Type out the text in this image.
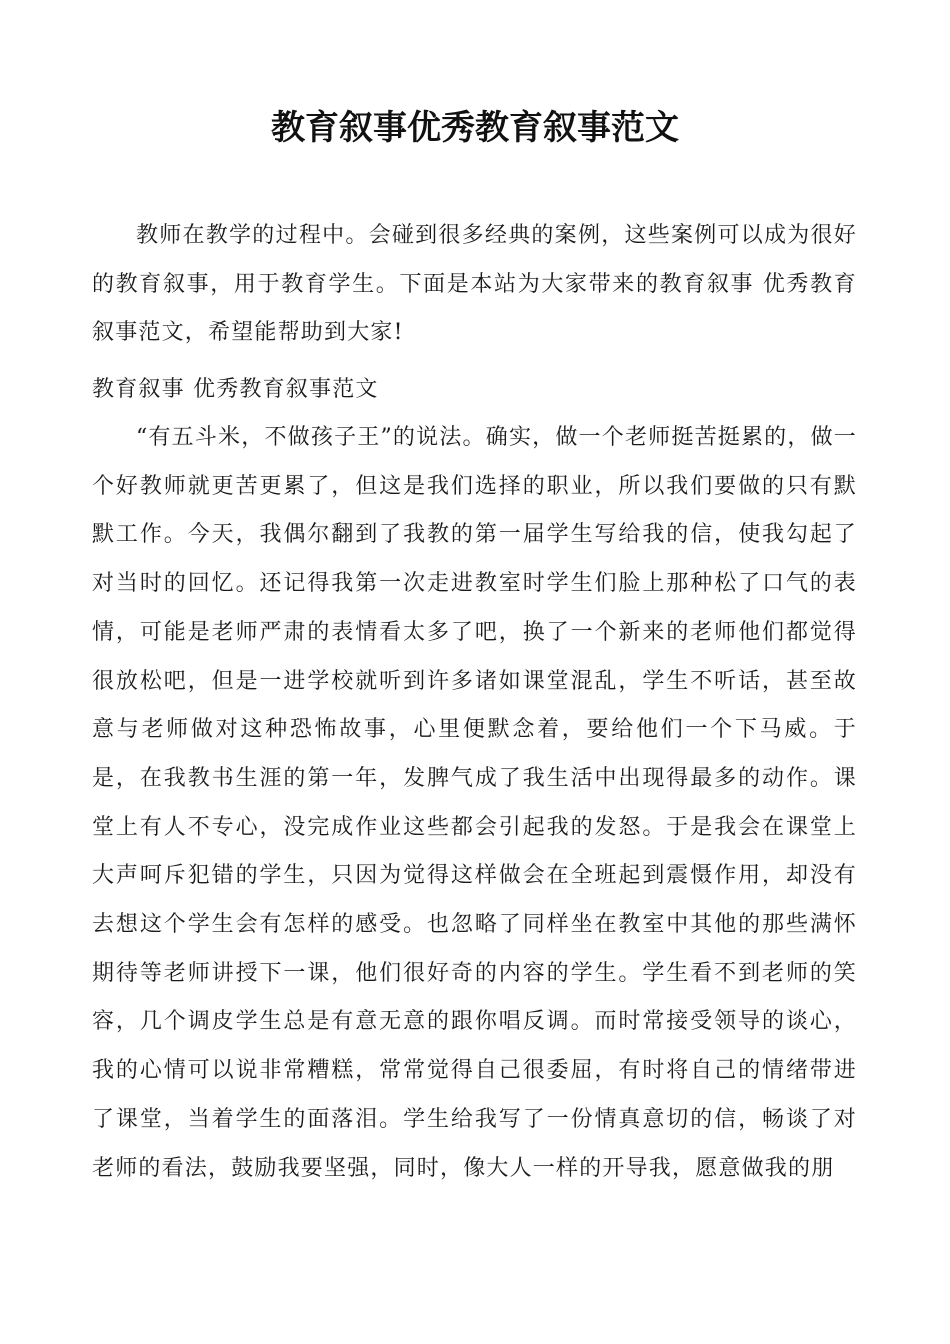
教育叙事优秀教育叙事范文

教师在教学的过程中。会碰到很多经典的案例，这些案例可以成为很好的教育叙事，用于教育学生。下面是本站为大家带来的教育叙事 优秀教育叙事范文，希望能帮助到大家!

教育叙事 优秀教育叙事范文

“有五斗米，不做孩子王”的说法。确实，做一个老师挺苦挺累的，做一个好教师就更苦更累了，但这是我们选择的职业，所以我们要做的只有默默工作。今天，我偶尔翻到了我教的第一届学生写给我的信，使我勾起了对当时的回忆。还记得我第一次走进教室时学生们脸上那种松了口气的表情，可能是老师严肃的表情看太多了吧，换了一个新来的老师他们都觉得很放松吧，但是一进学校就听到许多诸如课堂混乱，学生不听话，甚至故意与老师做对这种恐怖故事，心里便默念着，要给他们一个下马威。于是，在我教书生涯的第一年，发脾气成了我生活中出现得最多的动作。课堂上有人不专心，没完成作业这些都会引起我的发怒。于是我会在课堂上大声呵斥犯错的学生，只因为觉得这样做会在全班起到震慑作用，却没有去想这个学生会有怎样的感受。也忽略了同样坐在教室中其他的那些满怀期待等老师讲授下一课，他们很好奇的内容的学生。学生看不到老师的笑容，几个调皮学生总是有意无意的跟你唱反调。而时常接受领导的谈心，我的心情可以说非常糟糕，常常觉得自己很委屈，有时将自己的情绪带进了课堂，当着学生的面落泪。学生给我写了一份情真意切的信，畅谈了对老师的看法，鼓励我要坚强，同时，像大人一样的开导我，愿意做我的朋
